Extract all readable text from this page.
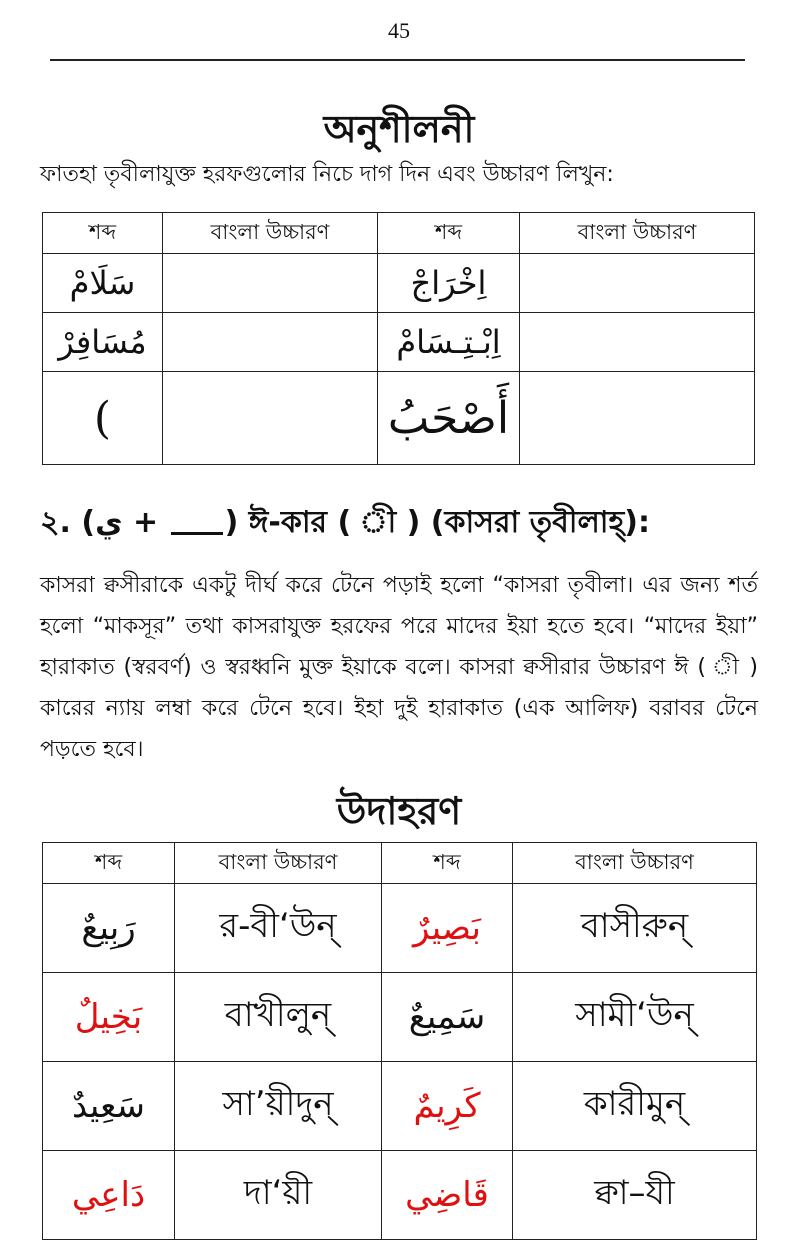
45
অনুশীলনী
ফাতহা তৃবীলাযুক্ত হরফগুলোর নিচে দাগ দিন এবং উচ্চারণ লিখুন:
শব্দ	বাংলা উচ্চারণ	শব্দ	বাংলা উচ্চারণ
سَلَامْ		اِخْرَاجْ	
مُسَافِرْ		اِبْـتِـسَامْ	
(		أَصْحَبُ	
২. (ي + ) ঈ-কার ( ী ) (কাসরা তৃবীলাহ্):
কাসরা ক্বসীরাকে একটু দীর্ঘ করে টেনে পড়াই হলো “কাসরা তৃবীলা। এর জন্য শর্ত হলো “মাকসূর” তথা কাসরাযুক্ত হরফের পরে মাদের ইয়া হতে হবে। “মাদের ইয়া” হারাকাত (স্বরবর্ণ) ও স্বরধ্বনি মুক্ত ইয়াকে বলে। কাসরা ক্বসীরার উচ্চারণ ঈ ( ী ) কারের ন্যায় লম্বা করে টেনে হবে। ইহা দুই হারাকাত (এক আলিফ) বরাবর টেনে পড়তে হবে।
উদাহরণ
শব্দ	বাংলা উচ্চারণ	শব্দ	বাংলা উচ্চারণ
رَبِيعٌ	র-বী‘উন্	بَصِيرٌ	বাসীরুন্
بَخِيلٌ	বাখীলুন্	سَمِيعٌ	সামী‘উন্
سَعِيدٌ	সা’য়ীদুন্	كَرِيمٌ	কারীমুন্
دَاعِي	দা‘য়ী	قَاضِي	ক্বা–যী
